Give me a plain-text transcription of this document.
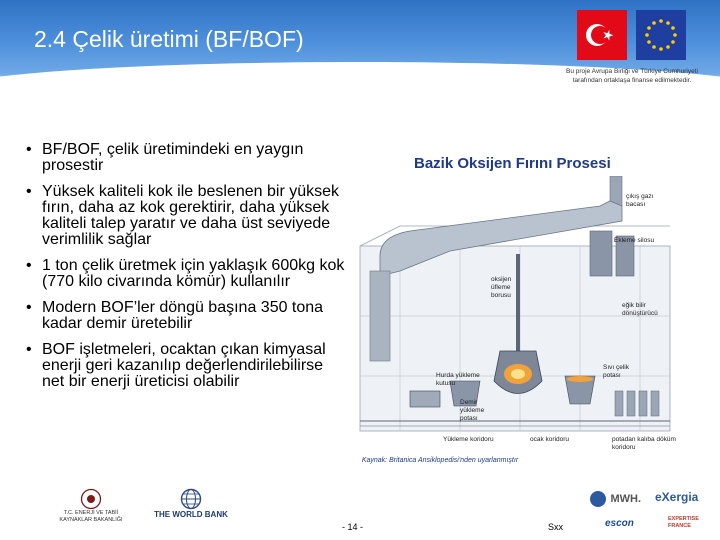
2.4 Çelik üretimi (BF/BOF)
Bu proje Avrupa Birliği ve Türkiye Cumhuriyeti tarafından ortaklaşa finanse edilmektedir.
• BF/BOF, çelik üretimindeki en yaygın prosestir
• Yüksek kaliteli kok ile beslenen bir yüksek fırın, daha az kok gerektirir, daha yüksek kaliteli talep yaratır ve daha üst seviyede verimlilik sağlar
• 1 ton çelik üretmek için yaklaşık 600kg kok (770 kilo civarında kömür) kullanılır
• Modern BOF’ler döngü başına 350 tona kadar demir üretebilir
• BOF işletmeleri, ocaktan çıkan kimyasal enerji geri kazanılıp değerlendirilebilirse net bir enerji üreticisi olabilir
Bazik Oksijen Fırını Prosesi
çıkış gazı bacası
Ekleme silosu
oksijen üfleme borusu
eğik bilir dönüştürücü
Sıvı çelik potası
Hurda yükleme kutusu
Demir yükleme potası
Yükleme koridoru	ocak koridoru	potadan kalıba döküm koridoru
Kaynak: Britanica Ansiklopedisi'nden uyarlanmıştır
T.C. ENERJİ VE TABİİ KAYNAKLAR BAKANLIĞI
THE WORLD BANK
- 14 -	Sxx
MWH. eXergia
escon	EXPERTISE FRANCE
